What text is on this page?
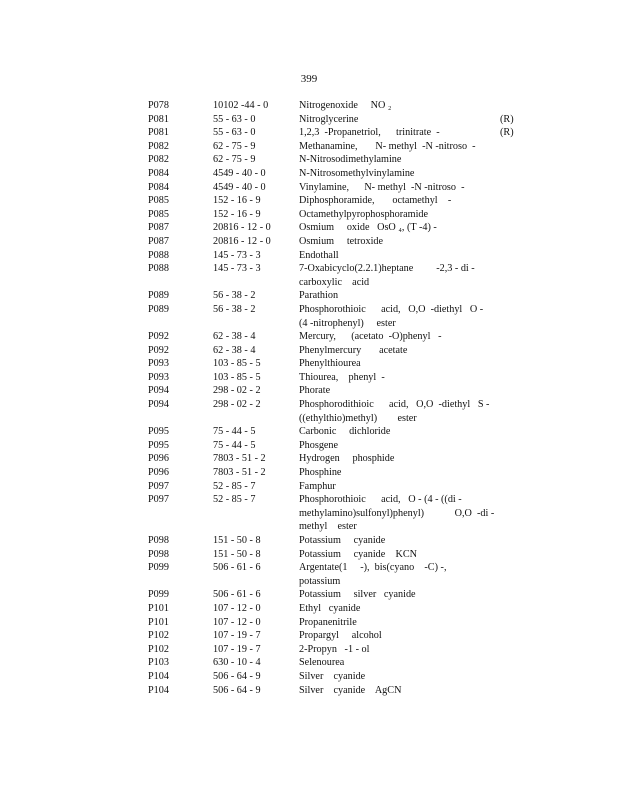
399
P078	10102 -44 - 0	Nitrogenoxide     NO ₂
P081	55 - 63 - 0	Nitroglycerine	(R)
P081	55 - 63 - 0	1,2,3  -Propanetriol,      trinitrate  -	(R)
P082	62 - 75 - 9	Methanamine,       N- methyl  -N -nitroso  -
P082	62 - 75 - 9	N-Nitrosodimethylamine
P084	4549 - 40 - 0	N-Nitrosomethylvinylamine
P084	4549 - 40 - 0	Vinylamine,      N- methyl  -N -nitroso  -
P085	152 - 16 - 9	Diphosphoramide,       octamethyl    -
P085	152 - 16 - 9	Octamethylpyrophosphoramide
P087	20816 - 12 - 0	Osmium     oxide   OsO ₄, (T -4) -
P087	20816 - 12 - 0	Osmium     tetroxide
P088	145 - 73 - 3	Endothall
P088	145 - 73 - 3	7-Oxabicyclo(2.2.1)heptane         -2,3 - di -
carboxylic    acid
P089	56 - 38 - 2	Parathion
P089	56 - 38 - 2	Phosphorothioic      acid,   O,O  -diethyl   O -
(4 -nitrophenyl)     ester
P092	62 - 38 - 4	Mercury,      (acetato  -O)phenyl   -
P092	62 - 38 - 4	Phenylmercury       acetate
P093	103 - 85 - 5	Phenylthiourea
P093	103 - 85 - 5	Thiourea,    phenyl  -
P094	298 - 02 - 2	Phorate
P094	298 - 02 - 2	Phosphorodithioic      acid,   O,O  -diethyl   S -
((ethylthio)methyl)        ester
P095	75 - 44 - 5	Carbonic     dichloride
P095	75 - 44 - 5	Phosgene
P096	7803 - 51 - 2	Hydrogen     phosphide
P096	7803 - 51 - 2	Phosphine
P097	52 - 85 - 7	Famphur
P097	52 - 85 - 7	Phosphorothioic      acid,   O - (4 - ((di -
methylamino)sulfonyl)phenyl)            O,O  -di -
methyl    ester
P098	151 - 50 - 8	Potassium     cyanide
P098	151 - 50 - 8	Potassium     cyanide    KCN
P099	506 - 61 - 6	Argentate(1     -),  bis(cyano    -C) -,
potassium
P099	506 - 61 - 6	Potassium     silver   cyanide
P101	107 - 12 - 0	Ethyl   cyanide
P101	107 - 12 - 0	Propanenitrile
P102	107 - 19 - 7	Propargyl     alcohol
P102	107 - 19 - 7	2-Propyn   -1 - ol
P103	630 - 10 - 4	Selenourea
P104	506 - 64 - 9	Silver    cyanide
P104	506 - 64 - 9	Silver    cyanide    AgCN
